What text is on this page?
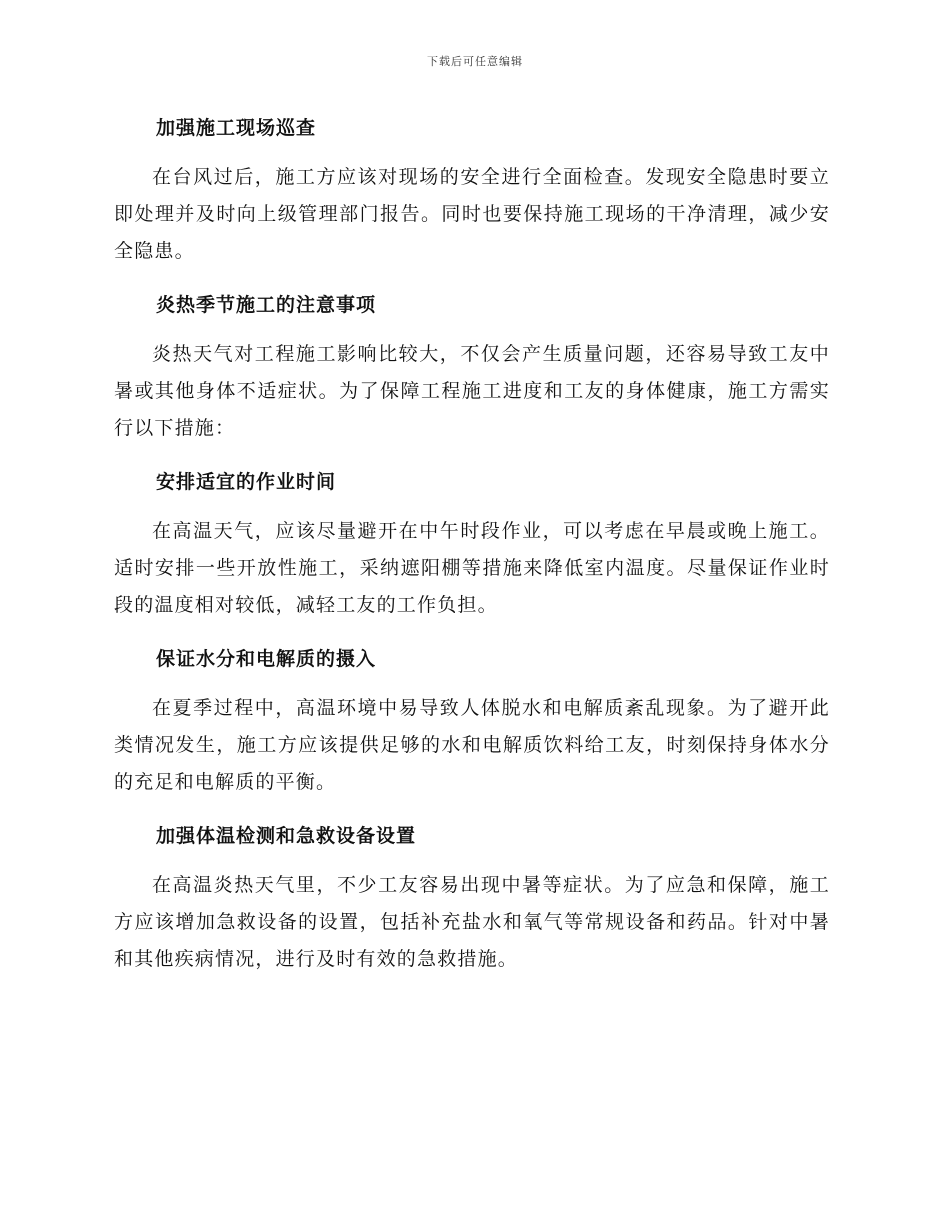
下载后可任意编辑
加强施工现场巡查

在台风过后，施工方应该对现场的安全进行全面检查。发现安全隐患时要立即处理并及时向上级管理部门报告。同时也要保持施工现场的干净清理，减少安全隐患。

炎热季节施工的注意事项

炎热天气对工程施工影响比较大，不仅会产生质量问题，还容易导致工友中暑或其他身体不适症状。为了保障工程施工进度和工友的身体健康，施工方需实行以下措施：

安排适宜的作业时间

在高温天气，应该尽量避开在中午时段作业，可以考虑在早晨或晚上施工。适时安排一些开放性施工，采纳遮阳棚等措施来降低室内温度。尽量保证作业时段的温度相对较低，减轻工友的工作负担。

保证水分和电解质的摄入

在夏季过程中，高温环境中易导致人体脱水和电解质紊乱现象。为了避开此类情况发生，施工方应该提供足够的水和电解质饮料给工友，时刻保持身体水分的充足和电解质的平衡。

加强体温检测和急救设备设置

在高温炎热天气里，不少工友容易出现中暑等症状。为了应急和保障，施工方应该增加急救设备的设置，包括补充盐水和氧气等常规设备和药品。针对中暑和其他疾病情况，进行及时有效的急救措施。
